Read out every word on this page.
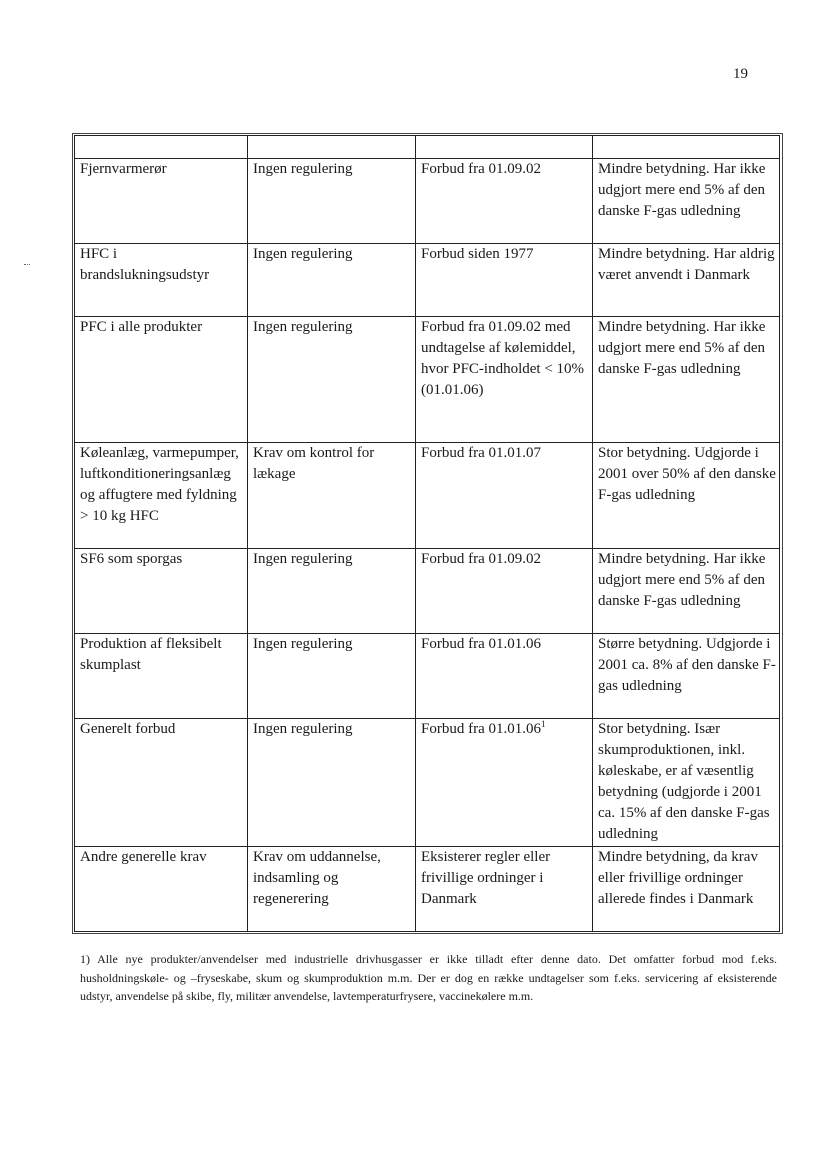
19

Fjernvarmerør	Ingen regulering	Forbud fra 01.09.02	Mindre betydning. Har ikke udgjort mere end 5% af den danske F-gas udledning
HFC i brandslukningsudstyr	Ingen regulering	Forbud siden 1977	Mindre betydning. Har aldrig været anvendt i Danmark
PFC i alle produkter	Ingen regulering	Forbud fra 01.09.02 med undtagelse af kølemiddel, hvor PFC-indholdet < 10% (01.01.06)	Mindre betydning. Har ikke udgjort mere end 5% af den danske F-gas udledning
Køleanlæg, varmepumper, luftkonditioneringsanlæg og affugtere med fyldning > 10 kg HFC	Krav om kontrol for lækage	Forbud fra 01.01.07	Stor betydning. Udgjorde i 2001 over 50% af den danske F-gas udledning
SF6 som sporgas	Ingen regulering	Forbud fra 01.09.02	Mindre betydning. Har ikke udgjort mere end 5% af den danske F-gas udledning
Produktion af fleksibelt skumplast	Ingen regulering	Forbud fra 01.01.06	Større betydning. Udgjorde i 2001 ca. 8% af den danske F-gas udledning
Generelt forbud	Ingen regulering	Forbud fra 01.01.06$^1$	Stor betydning. Især skumproduktionen, inkl. køleskabe, er af væsentlig betydning (udgjorde i 2001 ca. 15% af den danske F-gas udledning
Andre generelle krav	Krav om uddannelse, indsamling og regenerering	Eksisterer regler eller frivillige ordninger i Danmark	Mindre betydning, da krav eller frivillige ordninger allerede findes i Danmark
1) Alle nye produkter/anvendelser med industrielle drivhusgasser er ikke tilladt efter denne dato. Det omfatter forbud mod f.eks. husholdningskøle- og –fryseskabe, skum og skumproduktion m.m. Der er dog en række undtagelser som f.eks. servicering af eksisterende udstyr, anvendelse på skibe, fly, militær anvendelse, lavtemperaturfrysere, vaccinekølere m.m.
